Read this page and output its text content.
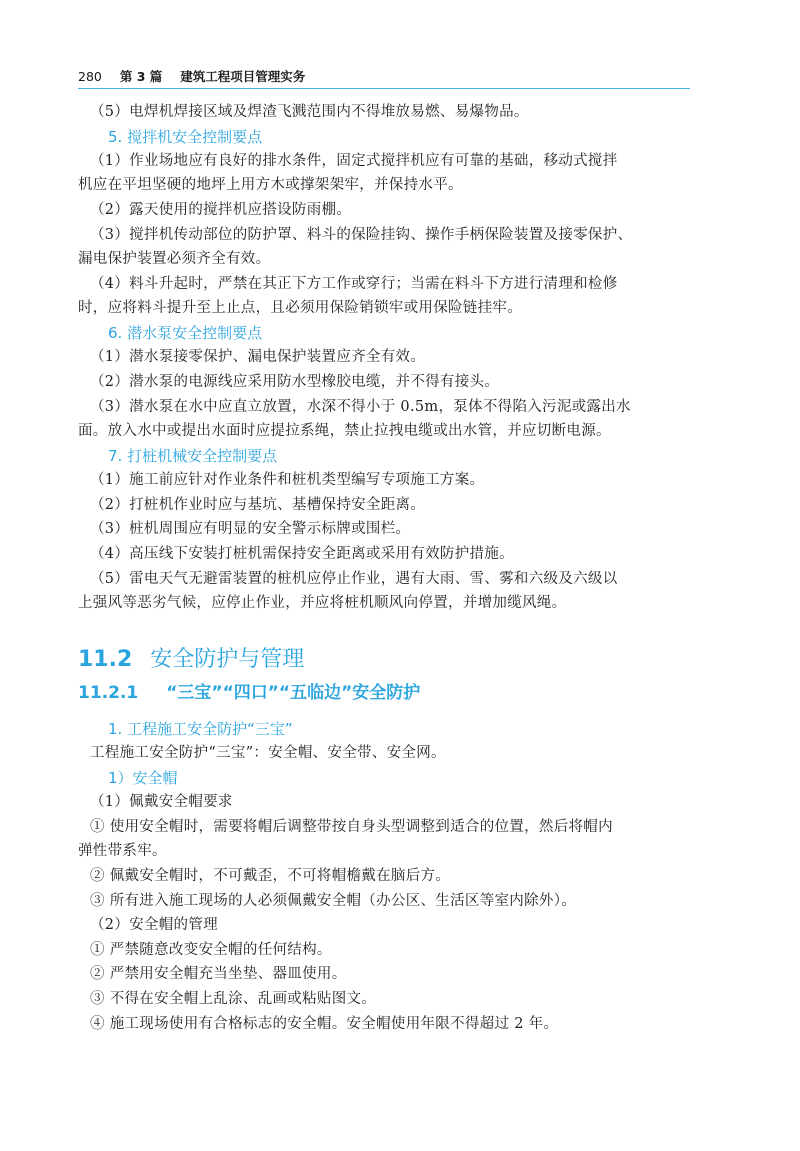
280 第 3 篇 建筑工程项目管理实务
（5）电焊机焊接区域及焊渣飞溅范围内不得堆放易燃、易爆物品。
5. 搅拌机安全控制要点
（1）作业场地应有良好的排水条件，固定式搅拌机应有可靠的基础，移动式搅拌
机应在平坦坚硬的地坪上用方木或撑架架牢，并保持水平。
（2）露天使用的搅拌机应搭设防雨棚。
（3）搅拌机传动部位的防护罩、料斗的保险挂钩、操作手柄保险装置及接零保护、
漏电保护装置必须齐全有效。
（4）料斗升起时，严禁在其正下方工作或穿行；当需在料斗下方进行清理和检修
时，应将料斗提升至上止点，且必须用保险销锁牢或用保险链挂牢。
6. 潜水泵安全控制要点
（1）潜水泵接零保护、漏电保护装置应齐全有效。
（2）潜水泵的电源线应采用防水型橡胶电缆，并不得有接头。
（3）潜水泵在水中应直立放置，水深不得小于 0.5m，泵体不得陷入污泥或露出水
面。放入水中或提出水面时应提拉系绳，禁止拉拽电缆或出水管，并应切断电源。
7. 打桩机械安全控制要点
（1）施工前应针对作业条件和桩机类型编写专项施工方案。
（2）打桩机作业时应与基坑、基槽保持安全距离。
（3）桩机周围应有明显的安全警示标牌或围栏。
（4）高压线下安装打桩机需保持安全距离或采用有效防护措施。
（5）雷电天气无避雷装置的桩机应停止作业，遇有大雨、雪、雾和六级及六级以
上强风等恶劣气候，应停止作业，并应将桩机顺风向停置，并增加缆风绳。
11.2 安全防护与管理
11.2.1 “三宝”“四口”“五临边”安全防护
1. 工程施工安全防护“三宝”
工程施工安全防护“三宝”：安全帽、安全带、安全网。
1）安全帽
（1）佩戴安全帽要求
① 使用安全帽时，需要将帽后调整带按自身头型调整到适合的位置，然后将帽内
弹性带系牢。
② 佩戴安全帽时，不可戴歪，不可将帽檐戴在脑后方。
③ 所有进入施工现场的人必须佩戴安全帽（办公区、生活区等室内除外）。
（2）安全帽的管理
① 严禁随意改变安全帽的任何结构。
② 严禁用安全帽充当坐垫、器皿使用。
③ 不得在安全帽上乱涂、乱画或粘贴图文。
④ 施工现场使用有合格标志的安全帽。安全帽使用年限不得超过 2 年。
